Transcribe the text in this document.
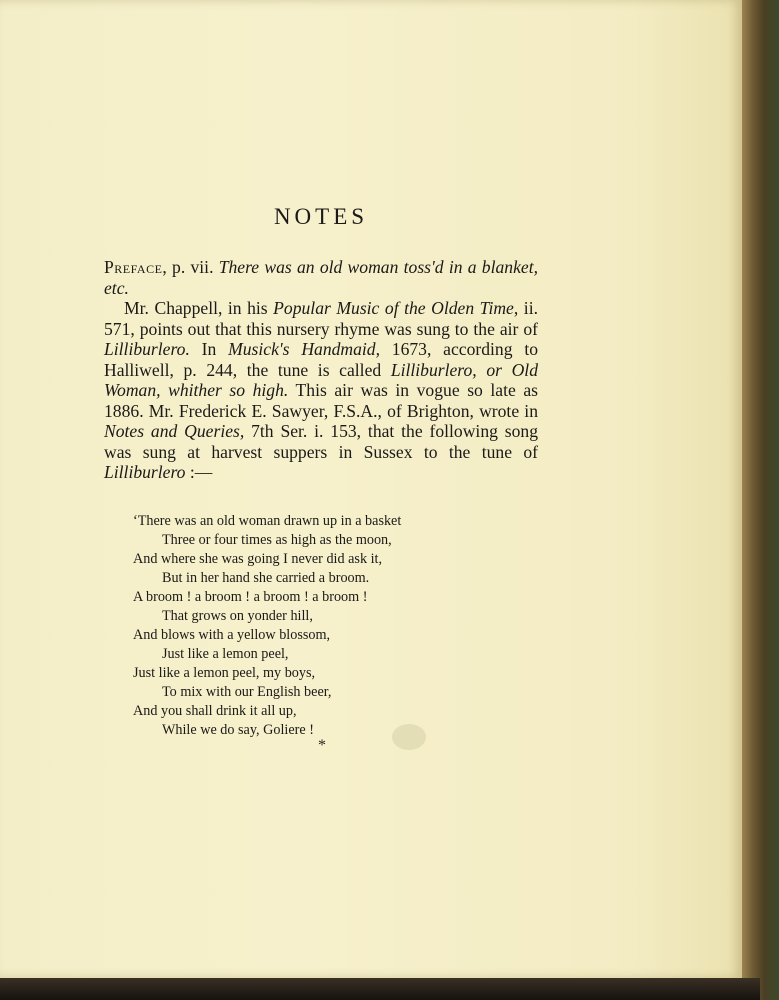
NOTES

Preface, p. vii. There was an old woman toss'd in a blanket, etc.

Mr. Chappell, in his Popular Music of the Olden Time, ii. 571, points out that this nursery rhyme was sung to the air of Lilliburlero. In Musick's Handmaid, 1673, according to Halliwell, p. 244, the tune is called Lilliburlero, or Old Woman, whither so high. This air was in vogue so late as 1886. Mr. Frederick E. Sawyer, F.S.A., of Brighton, wrote in Notes and Queries, 7th Ser. i. 153, that the following song was sung at harvest suppers in Sussex to the tune of Lilliburlero :—

‘There was an old woman drawn up in a basket
Three or four times as high as the moon,
And where she was going I never did ask it,
But in her hand she carried a broom.
A broom ! a broom ! a broom ! a broom !
That grows on yonder hill,
And blows with a yellow blossom,
Just like a lemon peel,
Just like a lemon peel, my boys,
To mix with our English beer,
And you shall drink it all up,
While we do say, Goliere !
*
